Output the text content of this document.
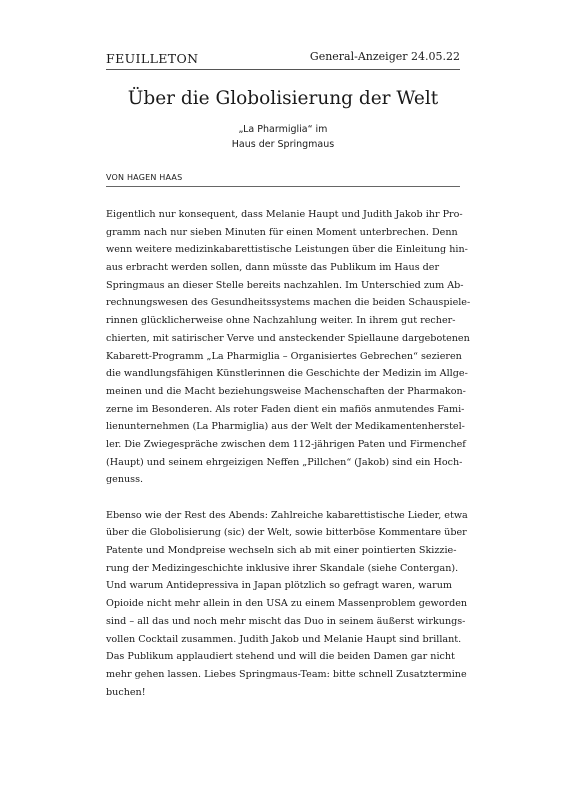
FEUILLETON	General-Anzeiger 24.05.22
Über die Globolisierung der Welt
„La Pharmiglia“ im
Haus der Springmaus
VON HAGEN HAAS
Eigentlich nur konsequent, dass Melanie Haupt und Judith Jakob ihr Pro-
gramm nach nur sieben Minuten für einen Moment unterbrechen. Denn
wenn weitere medizinkabarettistische Leistungen über die Einleitung hin-
aus erbracht werden sollen, dann müsste das Publikum im Haus der
Springmaus an dieser Stelle bereits nachzahlen. Im Unterschied zum Ab-
rechnungswesen des Gesundheitssystems machen die beiden Schauspiele-
rinnen glücklicherweise ohne Nachzahlung weiter. In ihrem gut recher-
chierten, mit satirischer Verve und ansteckender Spiellaune dargebotenen
Kabarett-Programm „La Pharmiglia – Organisiertes Gebrechen“ sezieren
die wandlungsfähigen Künstlerinnen die Geschichte der Medizin im Allge-
meinen und die Macht beziehungsweise Machenschaften der Pharmakon-
zerne im Besonderen. Als roter Faden dient ein mafiös anmutendes Fami-
lienunternehmen (La Pharmiglia) aus der Welt der Medikamentenherstel-
ler. Die Zwiegespräche zwischen dem 112-jährigen Paten und Firmenchef
(Haupt) und seinem ehrgeizigen Neffen „Pillchen“ (Jakob) sind ein Hoch-
genuss.
Ebenso wie der Rest des Abends: Zahlreiche kabarettistische Lieder, etwa
über die Globolisierung (sic) der Welt, sowie bitterböse Kommentare über
Patente und Mondpreise wechseln sich ab mit einer pointierten Skizzie-
rung der Medizingeschichte inklusive ihrer Skandale (siehe Contergan).
Und warum Antidepressiva in Japan plötzlich so gefragt waren, warum
Opioide nicht mehr allein in den USA zu einem Massenproblem geworden
sind – all das und noch mehr mischt das Duo in seinem äußerst wirkungs-
vollen Cocktail zusammen. Judith Jakob und Melanie Haupt sind brillant.
Das Publikum applaudiert stehend und will die beiden Damen gar nicht
mehr gehen lassen. Liebes Springmaus-Team: bitte schnell Zusatztermine
buchen!
